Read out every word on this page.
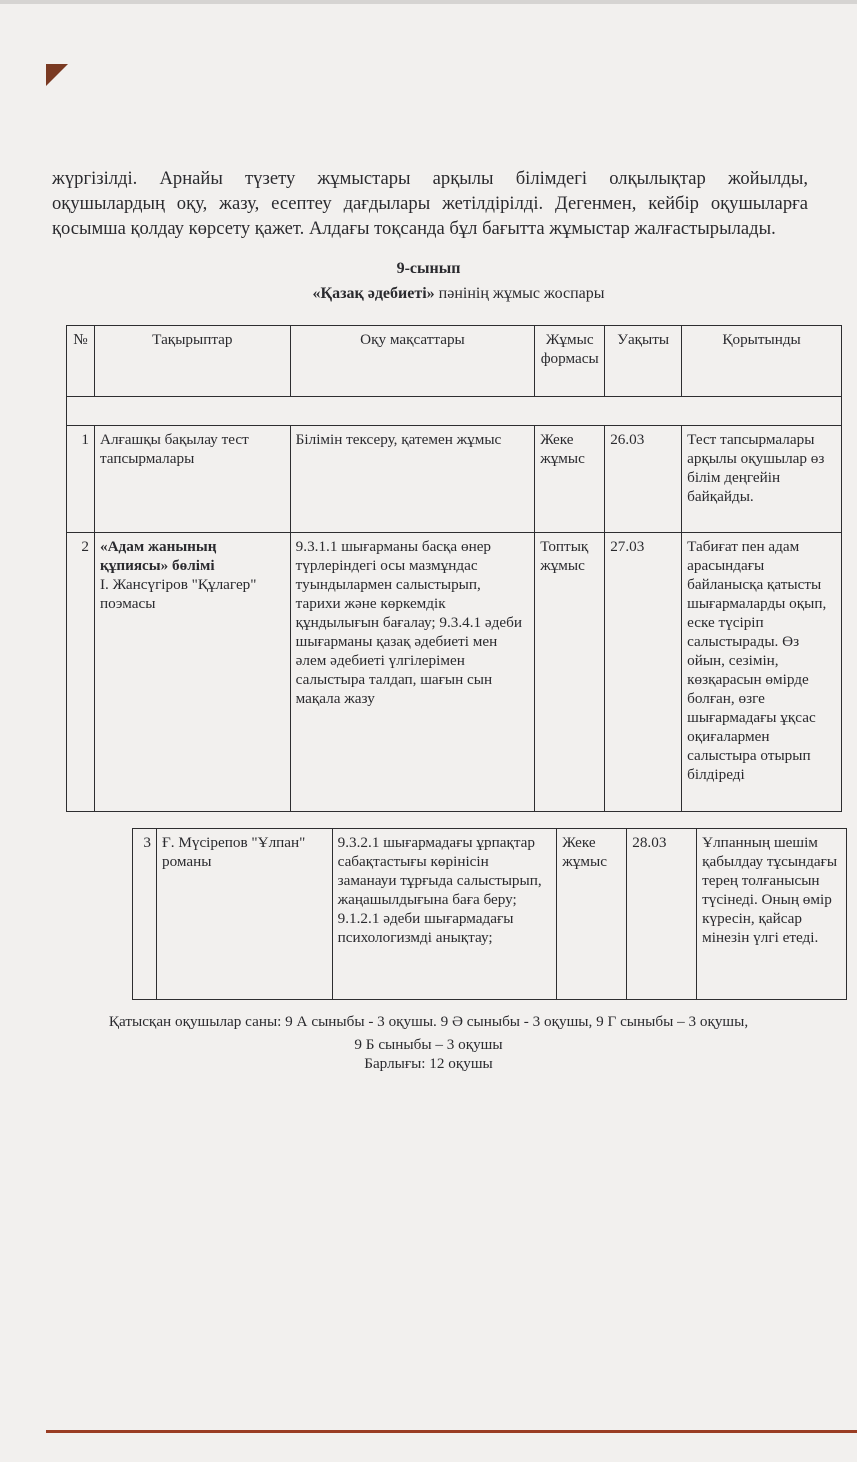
жүргізілді. Арнайы түзету жұмыстары арқылы білімдегі олқылықтар жойылды,
оқушылардың оқу, жазу, есептеу дағдылары жетілдірілді. Дегенмен, кейбір оқушыларға
қосымша қолдау көрсету қажет. Алдағы тоқсанда бұл бағытта жұмыстар жалғастырылады.
9-сынып
«Қазақ әдебиеті» пәнінің жұмыс жоспары
№	Тақырыптар	Оқу мақсаттары	Жұмыс формасы	Уақыты	Қорытынды

1	Алғашқы бақылау тест тапсырмалары	Білімін тексеру, қатемен жұмыс	Жеке жұмыс	26.03	Тест тапсырмалары арқылы оқушылар өз білім деңгейін байқайды.
2	«Адам жанының құпиясы» бөлімі
І. Жансүгіров "Құлагер" поэмасы	9.3.1.1 шығарманы басқа өнер түрлеріндегі осы мазмұндас туындылармен салыстырып, тарихи және көркемдік құндылығын бағалау; 9.3.4.1 әдеби шығарманы қазақ әдебиеті мен әлем әдебиеті үлгілерімен салыстыра талдап, шағын сын мақала жазу	Топтық жұмыс	27.03	Табиғат пен адам арасындағы байланысқа қатысты шығармаларды оқып, еске түсіріп салыстырады. Өз ойын, сезімін, көзқарасын өмірде болған, өзге шығармадағы ұқсас оқиғалармен салыстыра отырып білдіреді
3	Ғ. Мүсірепов "Ұлпан" романы	9.3.2.1 шығармадағы ұрпақтар сабақтастығы көрінісін заманауи тұрғыда салыстырып, жаңашылдығына баға беру; 9.1.2.1 әдеби шығармадағы психологизмді анықтау;	Жеке жұмыс	28.03	Ұлпанның шешім қабылдау тұсындағы терең толғанысын түсінеді. Оның өмір күресін, қайсар мінезін үлгі етеді.
Қатысқан оқушылар саны: 9 А сыныбы - 3 оқушы. 9 Ә сыныбы - 3 оқушы, 9 Г сыныбы – 3 оқушы,
9 Б сыныбы – 3 оқушы
Барлығы: 12 оқушы
